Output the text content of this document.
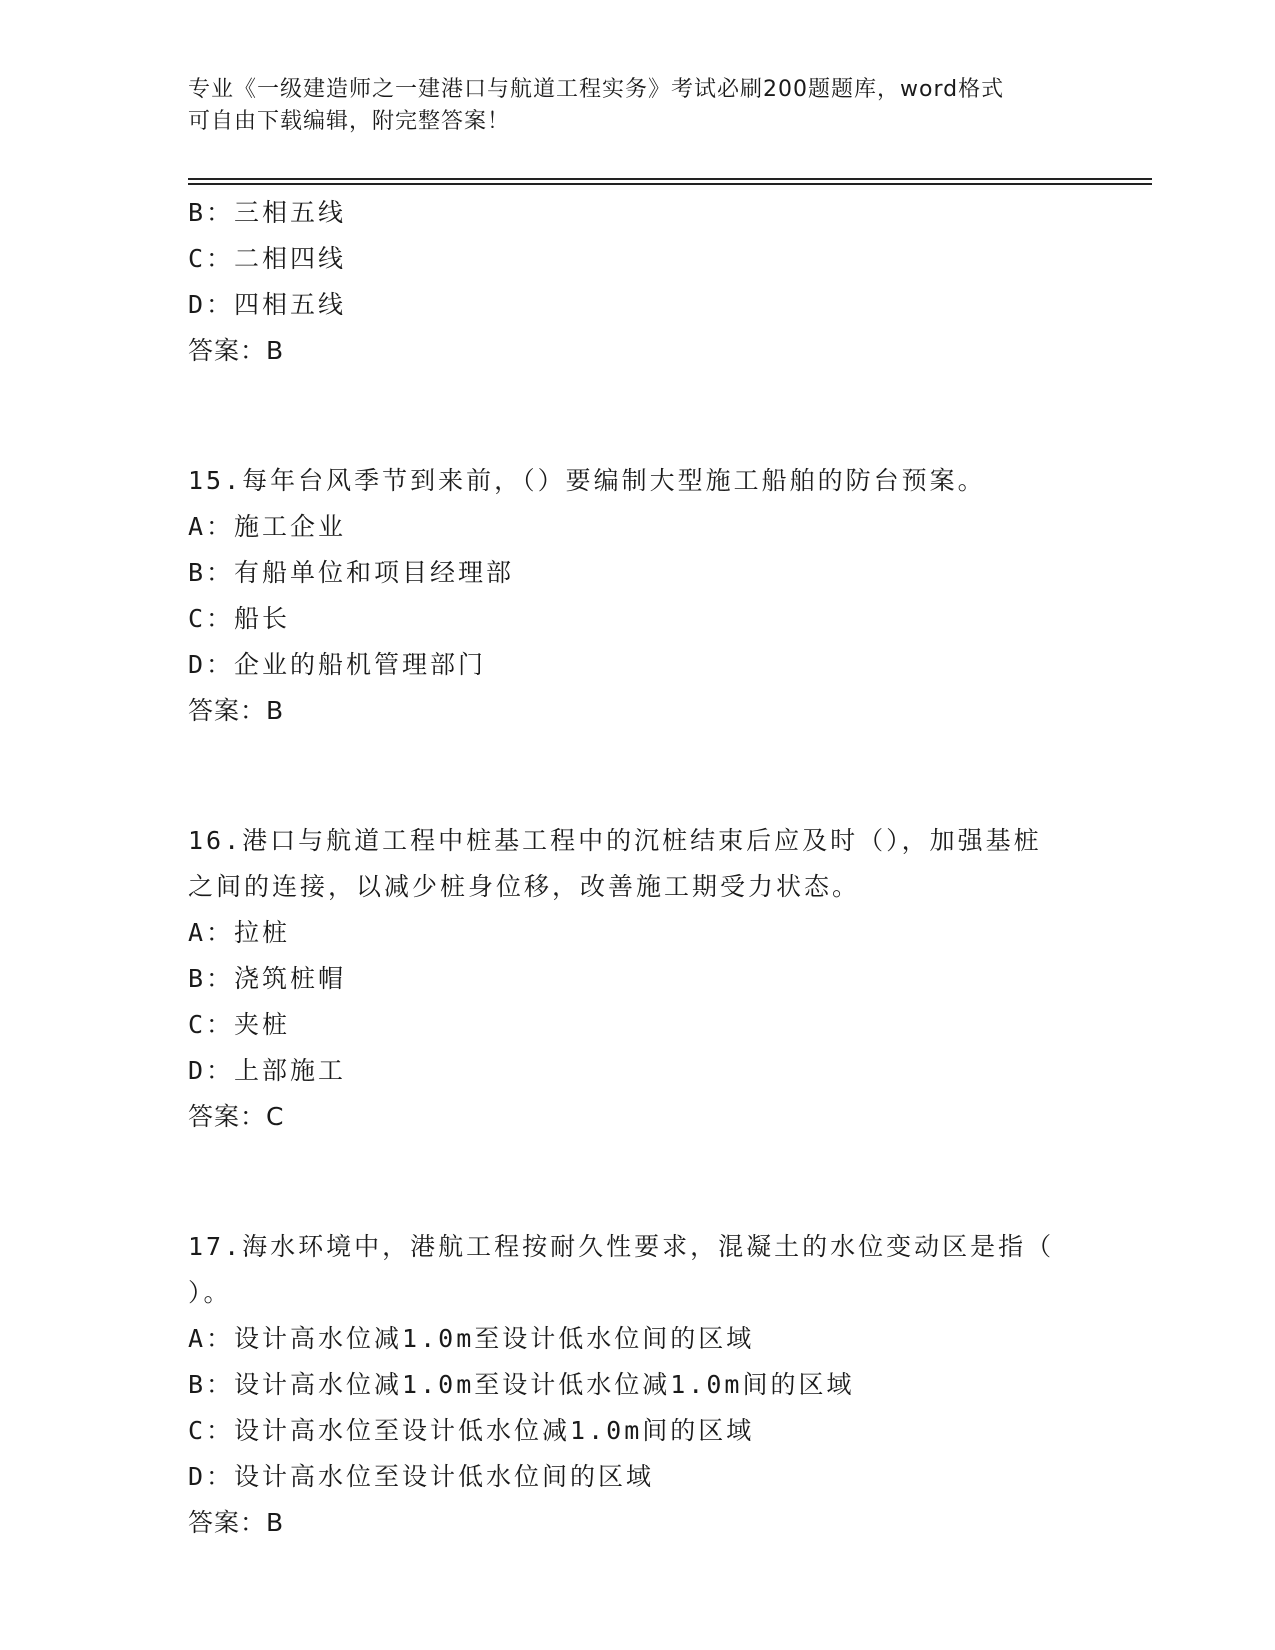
专业《一级建造师之一建港口与航道工程实务》考试必刷200题题库，word格式
可自由下载编辑，附完整答案！
B：三相五线
C：二相四线
D：四相五线
答案：B
15.每年台风季节到来前，（）要编制大型施工船舶的防台预案。
A：施工企业
B：有船单位和项目经理部
C：船长
D：企业的船机管理部门
答案：B
16.港口与航道工程中桩基工程中的沉桩结束后应及时（），加强基桩
之间的连接，以减少桩身位移，改善施工期受力状态。
A：拉桩
B：浇筑桩帽
C：夹桩
D：上部施工
答案：C
17.海水环境中，港航工程按耐久性要求，混凝土的水位变动区是指（
）。
A：设计高水位减1.0m至设计低水位间的区域
B：设计高水位减1.0m至设计低水位减1.0m间的区域
C：设计高水位至设计低水位减1.0m间的区域
D：设计高水位至设计低水位间的区域
答案：B
